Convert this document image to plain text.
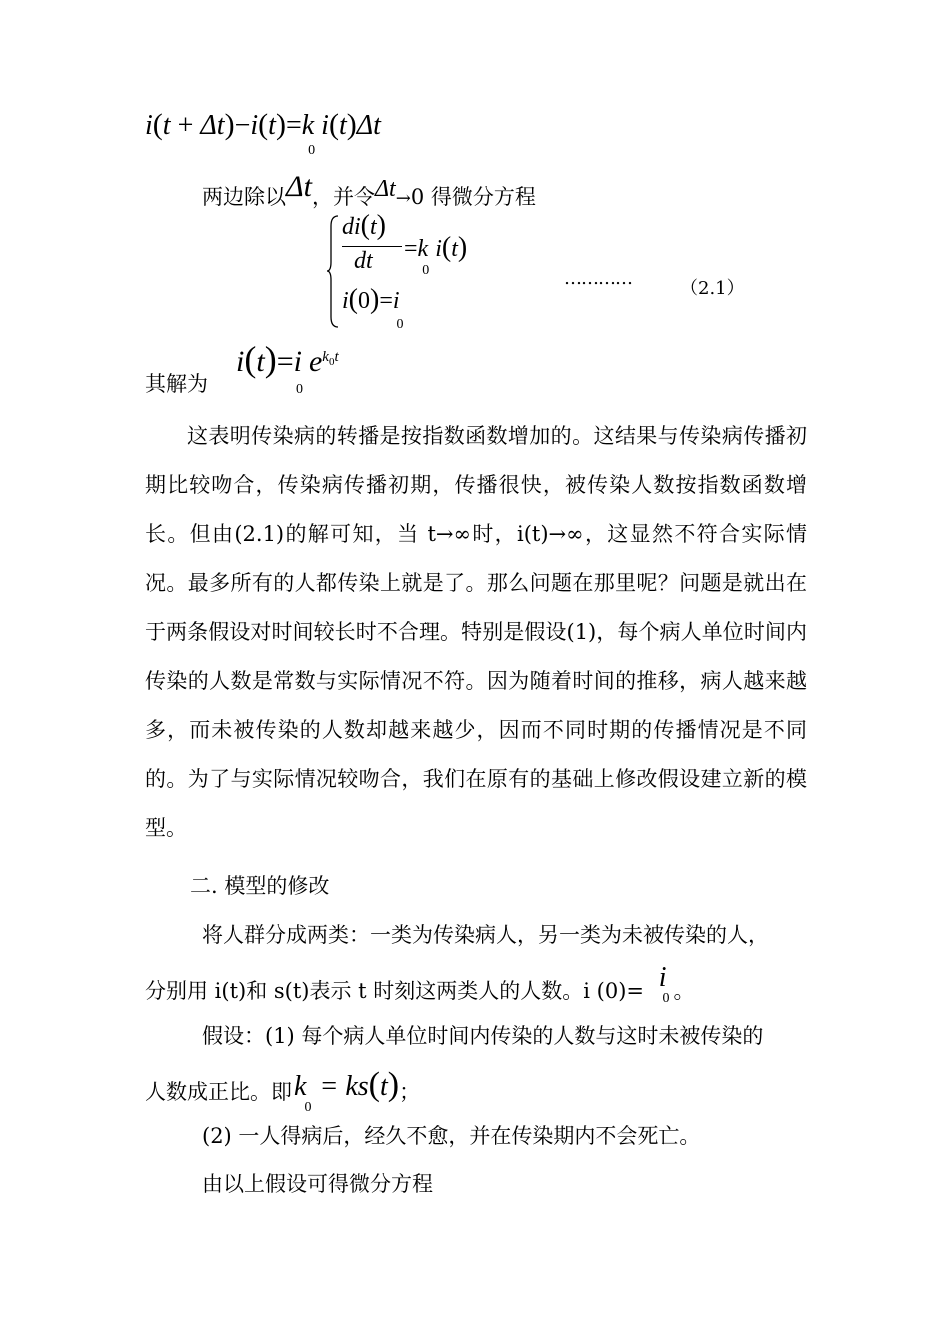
$i(t + \Delta t)-i(t)=k_0i(t)\Delta t$
两边除以Δt，并令Δt→0 得微分方程
di(t)
dt $=k_0i(t)$
$i(0)=i_0$
…………	（2.1）
其解为
$i(t)=i_0e^{k0t}$
这表明传染病的转播是按指数函数增加的。这结果与传染病传播初期比较吻合，传染病传播初期，传播很快，被传染人数按指数函数增长。但由(2.1)的解可知，当 t→∞时，i(t)→∞，这显然不符合实际情况。最多所有的人都传染上就是了。那么问题在那里呢？问题是就出在于两条假设对时间较长时不合理。特别是假设(1)，每个病人单位时间内传染的人数是常数与实际情况不符。因为随着时间的推移，病人越来越多，而未被传染的人数却越来越少，因而不同时期的传播情况是不同的。为了与实际情况较吻合，我们在原有的基础上修改假设建立新的模型。
二. 模型的修改
将人群分成两类：一类为传染病人，另一类为未被传染的人，
分别用 i(t)和 s(t)表示 t 时刻这两类人的人数。i (0)= i0 。
假设：(1) 每个病人单位时间内传染的人数与这时未被传染的
人数成正比。即$k_0= ks(t)$；
(2) 一人得病后，经久不愈，并在传染期内不会死亡。
由以上假设可得微分方程
